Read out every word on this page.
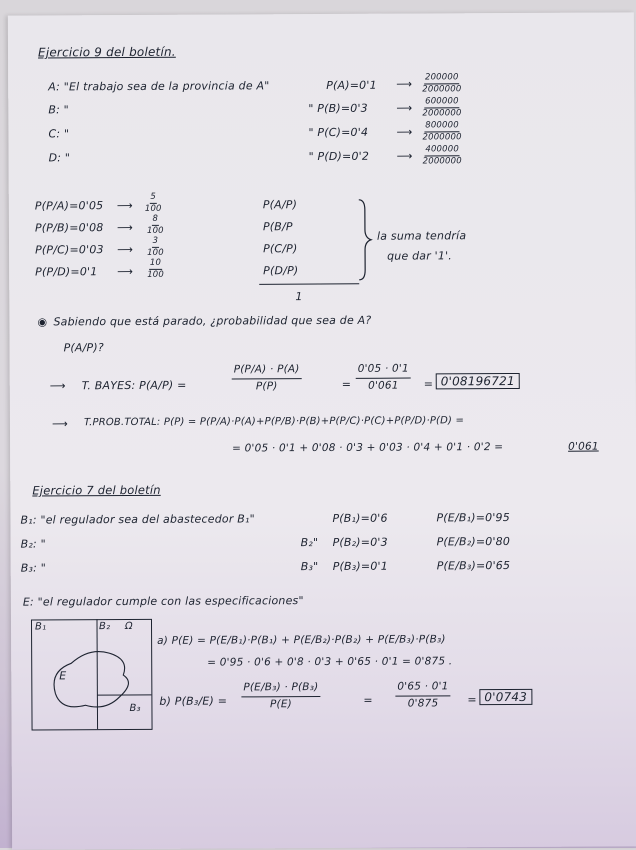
Ejercicio 9 del boletín.
A: "El trabajo sea de la provincia de A"	P(A)=0'1 ⟶ $\frac{200000}{2000000}$
B: "	" P(B)=0'3	⟶ $\frac{600000}{2000000}$
C: "	" P(C)=0'4	⟶ $\frac{800000}{2000000}$
D: "	" P(D)=0'2 ⟶ $\frac{400000}{2000000}$
P(P/A)=0'05 ⟶ $\frac{5}{100}$
P(P/B)=0'08 ⟶ $\frac{8}{100}$
P(P/C)=0'03 ⟶ $\frac{3}{100}$
P(P/D)=0'1 ⟶ $\frac{10}{100}$
P(A/P)
P(B/P
P(C/P)
P(D/P)
1
la suma tendría
que dar '1'.
◉ Sabiendo que está parado, ¿probabilidad que sea de A?
P(A/P)?
⟶ T. BAYES: P(A/P) =	$\frac{P(P/A) \cdot P(A)}{P(P)}$	= $\frac{0'05 \cdot 0'1}{0'061} = 0'08196721$
⟶ T.PROB.TOTAL: P(P) = P(P/A)·P(A)+P(P/B)·P(B)+P(P/C)·P(C)+P(P/D)·P(D) =
= 0'05 · 0'1 + 0'08 · 0'3 + 0'03 · 0'4 + 0'1 · 0'2 =	0'061
Ejercicio 7 del boletín
B₁: "el regulador sea del abastecedor B₁"	P(B₁)=0'6	P(E/B₁)=0'95
B₂: "	B₂" P(B₂)=0'3	P(E/B₂)=0'80
B₃: "	B₃" P(B₃)=0'1	P(E/B₃)=0'65
E: "el regulador cumple con las especificaciones"
B₁	B₂ Ω
E
B₃
a) P(E) = P(E/B₁)·P(B₁) + P(E/B₂)·P(B₂) + P(E/B₃)·P(B₃)
= 0'95 · 0'6 + 0'8 · 0'3 + 0'65 · 0'1 = 0'875 .
b) $P(B_3/E) = \frac{\text{P(E/B₃) · P(B₃)}}{P(E)}$	= $\frac{0'65 \cdot 0'1}{0'875} = 0'0743$
